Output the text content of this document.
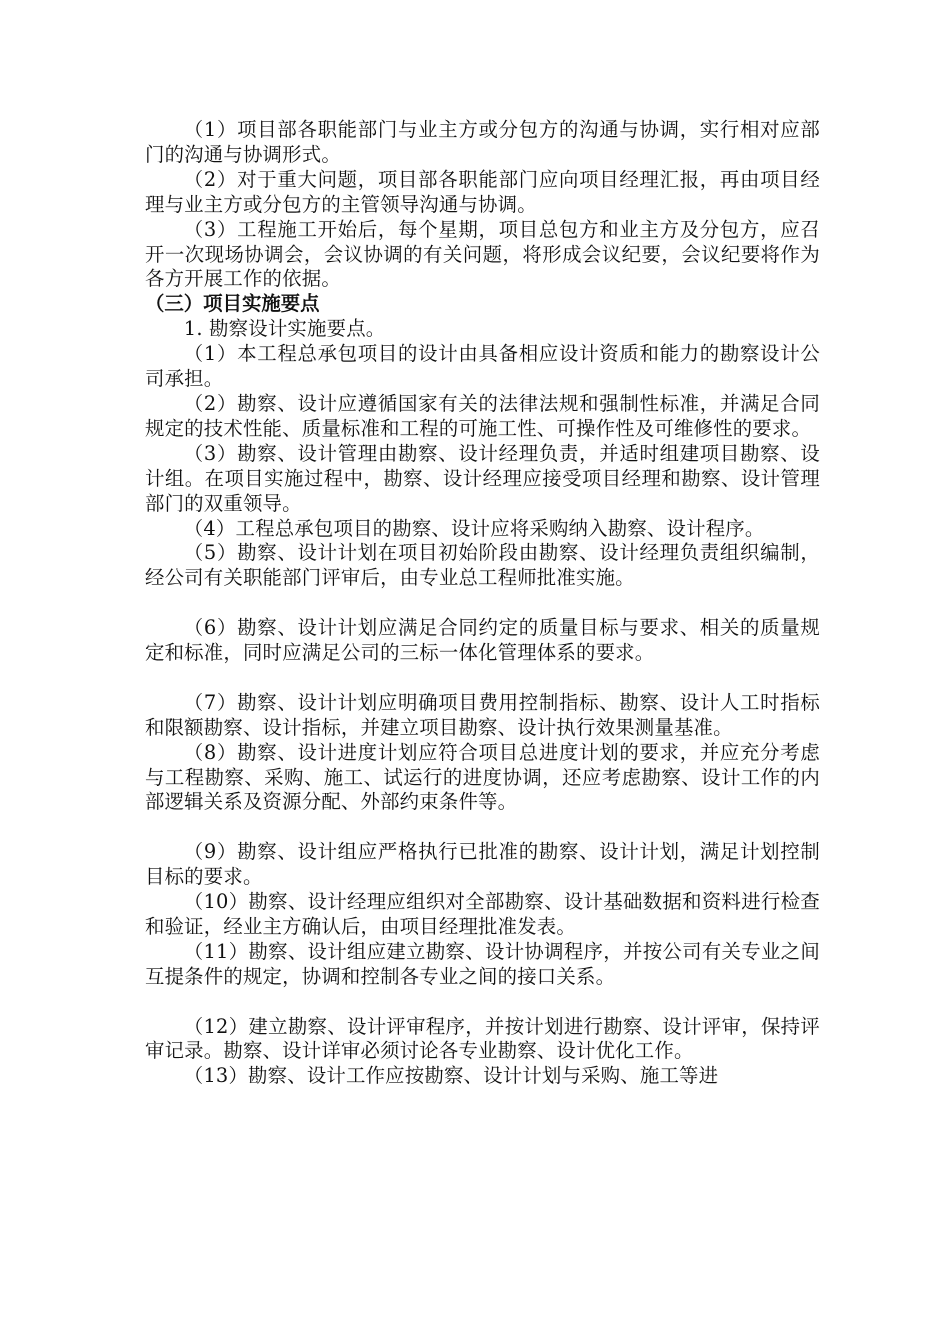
（1）项目部各职能部门与业主方或分包方的沟通与协调，实行相对应部门的沟通与协调形式。

（2）对于重大问题，项目部各职能部门应向项目经理汇报，再由项目经理与业主方或分包方的主管领导沟通与协调。

（3）工程施工开始后，每个星期，项目总包方和业主方及分包方，应召开一次现场协调会，会议协调的有关问题，将形成会议纪要，会议纪要将作为各方开展工作的依据。

（三）项目实施要点

1. 勘察设计实施要点。

（1）本工程总承包项目的设计由具备相应设计资质和能力的勘察设计公司承担。

（2）勘察、设计应遵循国家有关的法律法规和强制性标准，并满足合同规定的技术性能、质量标准和工程的可施工性、可操作性及可维修性的要求。

（3）勘察、设计管理由勘察、设计经理负责，并适时组建项目勘察、设计组。在项目实施过程中，勘察、设计经理应接受项目经理和勘察、设计管理部门的双重领导。

（4）工程总承包项目的勘察、设计应将采购纳入勘察、设计程序。

（5）勘察、设计计划在项目初始阶段由勘察、设计经理负责组织编制，经公司有关职能部门评审后，由专业总工程师批准实施。

（6）勘察、设计计划应满足合同约定的质量目标与要求、相关的质量规定和标准，同时应满足公司的三标一体化管理体系的要求。

（7）勘察、设计计划应明确项目费用控制指标、勘察、设计人工时指标和限额勘察、设计指标，并建立项目勘察、设计执行效果测量基准。

（8）勘察、设计进度计划应符合项目总进度计划的要求，并应充分考虑与工程勘察、采购、施工、试运行的进度协调，还应考虑勘察、设计工作的内部逻辑关系及资源分配、外部约束条件等。

（9）勘察、设计组应严格执行已批准的勘察、设计计划，满足计划控制目标的要求。

（10）勘察、设计经理应组织对全部勘察、设计基础数据和资料进行检查和验证，经业主方确认后，由项目经理批准发表。

（11）勘察、设计组应建立勘察、设计协调程序，并按公司有关专业之间互提条件的规定，协调和控制各专业之间的接口关系。

（12）建立勘察、设计评审程序，并按计划进行勘察、设计评审，保持评审记录。勘察、设计详审必须讨论各专业勘察、设计优化工作。

（13）勘察、设计工作应按勘察、设计计划与采购、施工等进
